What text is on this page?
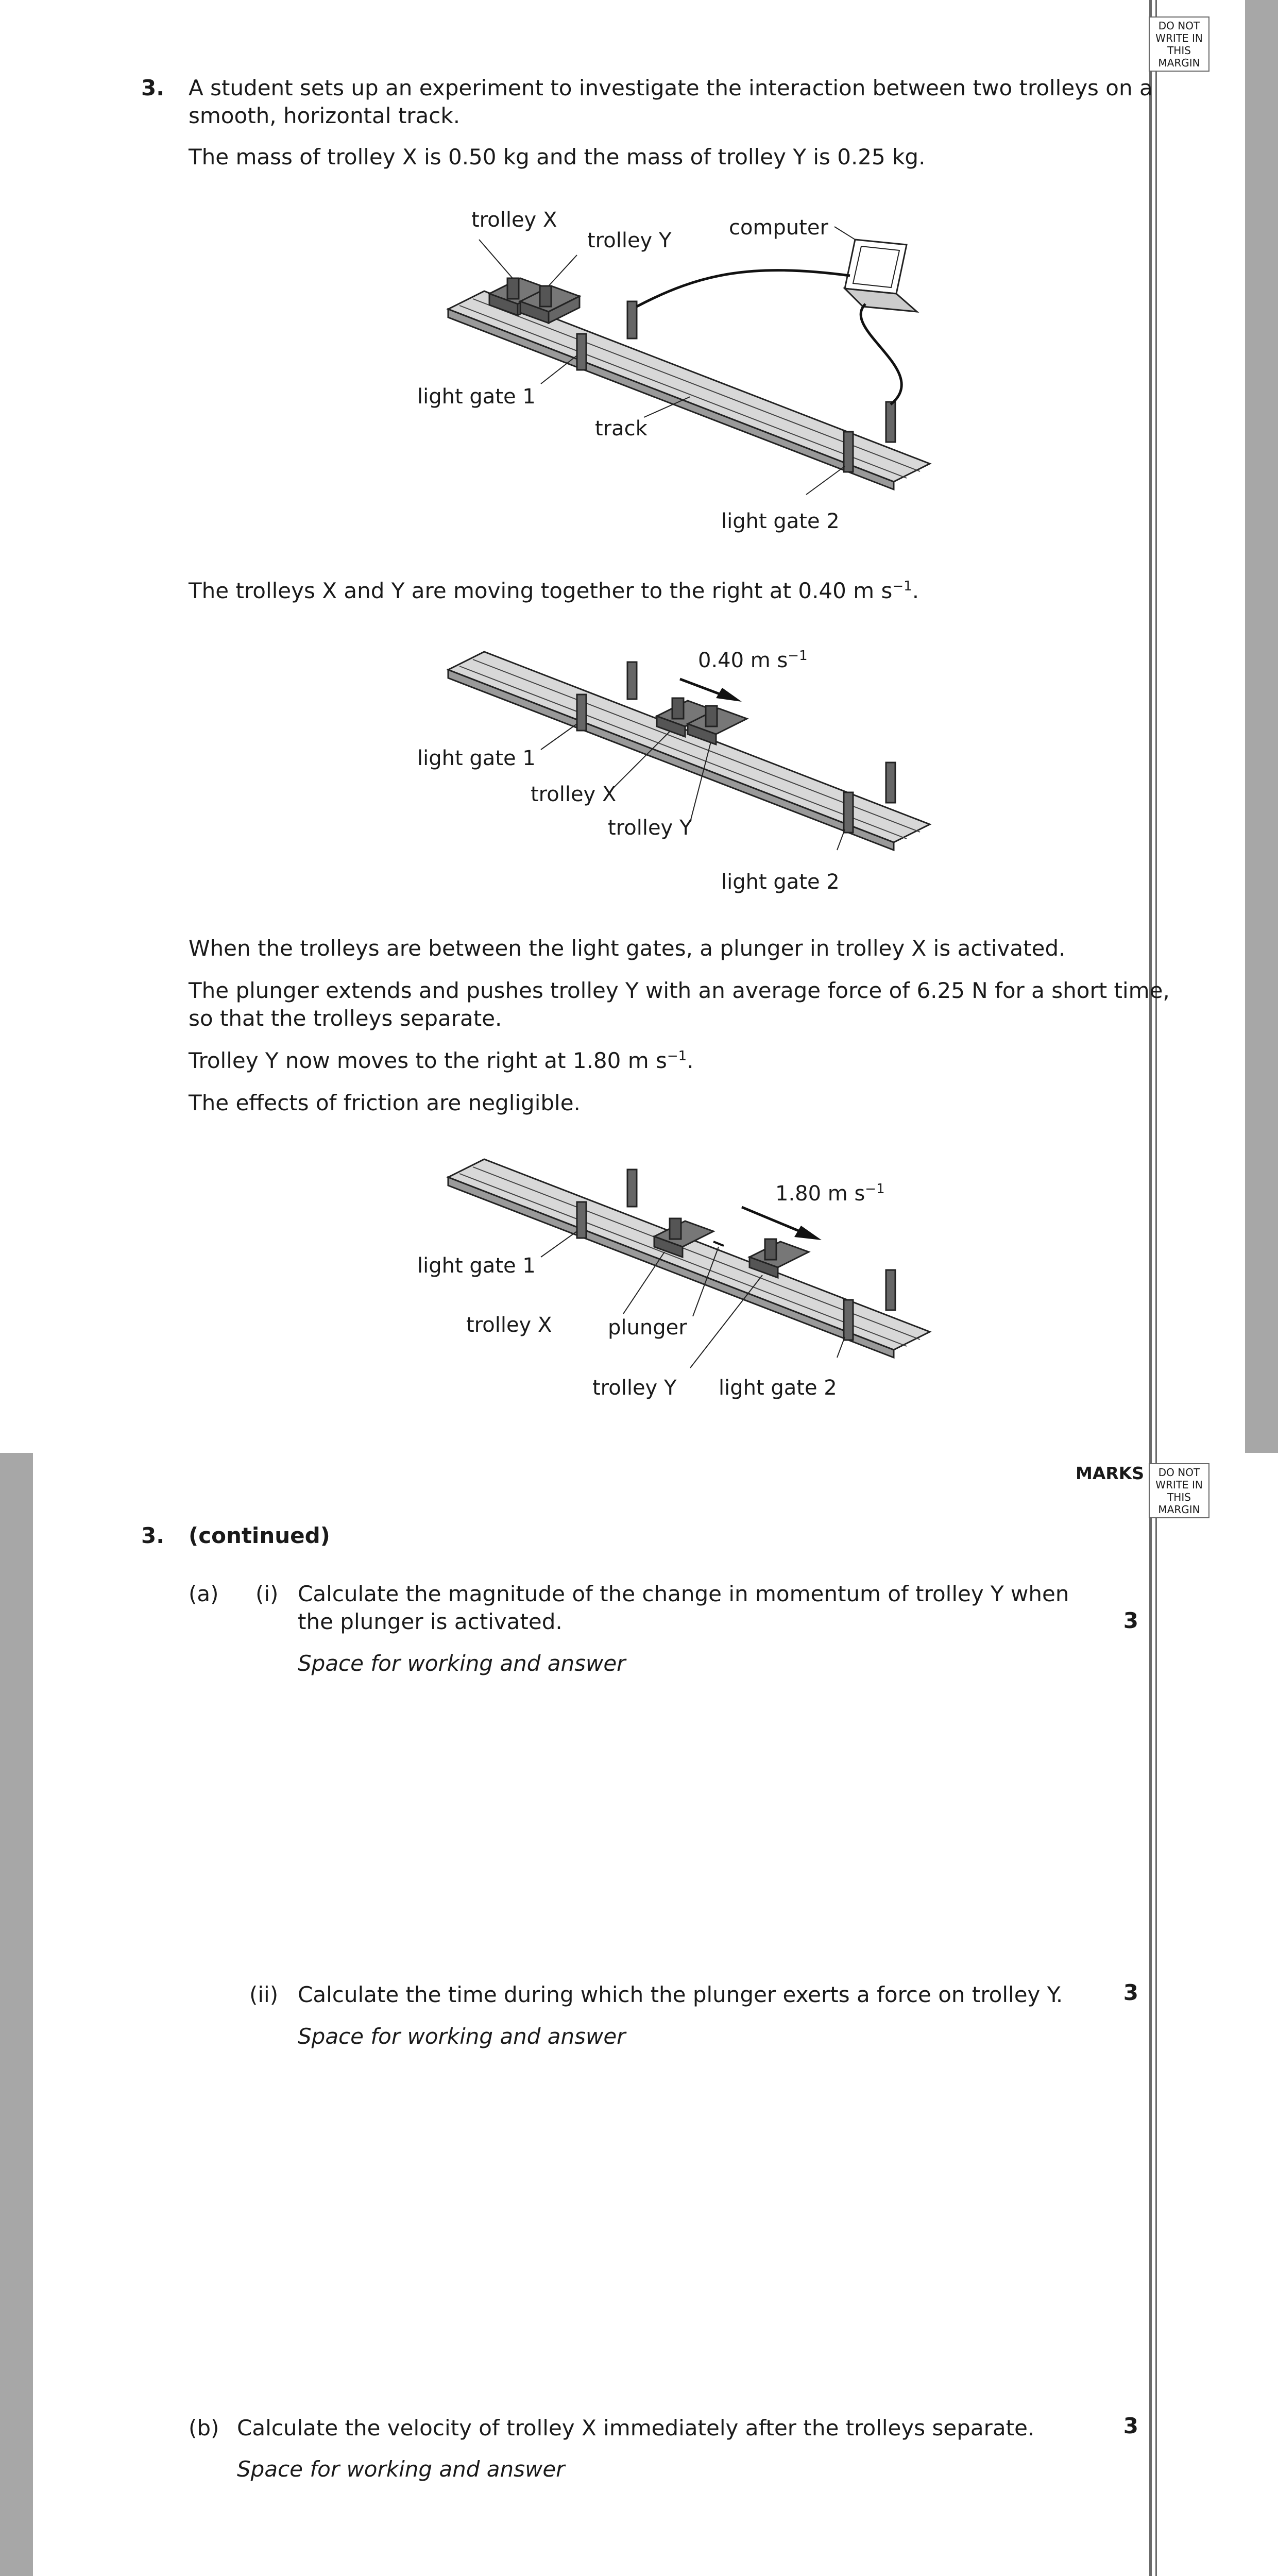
DO NOT
WRITE IN
THIS
MARGIN
3. A student sets up an experiment to investigate the interaction between two trolleys on a
smooth, horizontal track.
The mass of trolley X is 0.50 kg and the mass of trolley Y is 0.25 kg.
trolley X
trolley Y
computer
light gate 1
track
light gate 2
The trolleys X and Y are moving together to the right at 0.40 m $s^{-1}$.
0.40 m $s^{-1}$
light gate 1
trolley X
trolley Y
light gate 2
When the trolleys are between the light gates, a plunger in trolley X is activated.
The plunger extends and pushes trolley Y with an average force of 6.25 N for a short time,
so that the trolleys separate.
Trolley Y now moves to the right at 1.80 m $s^{-1}$.
The effects of friction are negligible.
1.80 m $s^{-1}$
light gate 1
trolley X	plunger
trolley Y light gate 2
MARKS	DO NOT
WRITE IN
THIS
MARGIN
3. (continued)
(a) (i) Calculate the magnitude of the change in momentum of trolley Y when
the plunger is activated.	3
Space for working and answer
(ii) Calculate the time during which the plunger exerts a force on trolley Y.	3
Space for working and answer
(b) Calculate the velocity of trolley X immediately after the trolleys separate.	3
Space for working and answer
